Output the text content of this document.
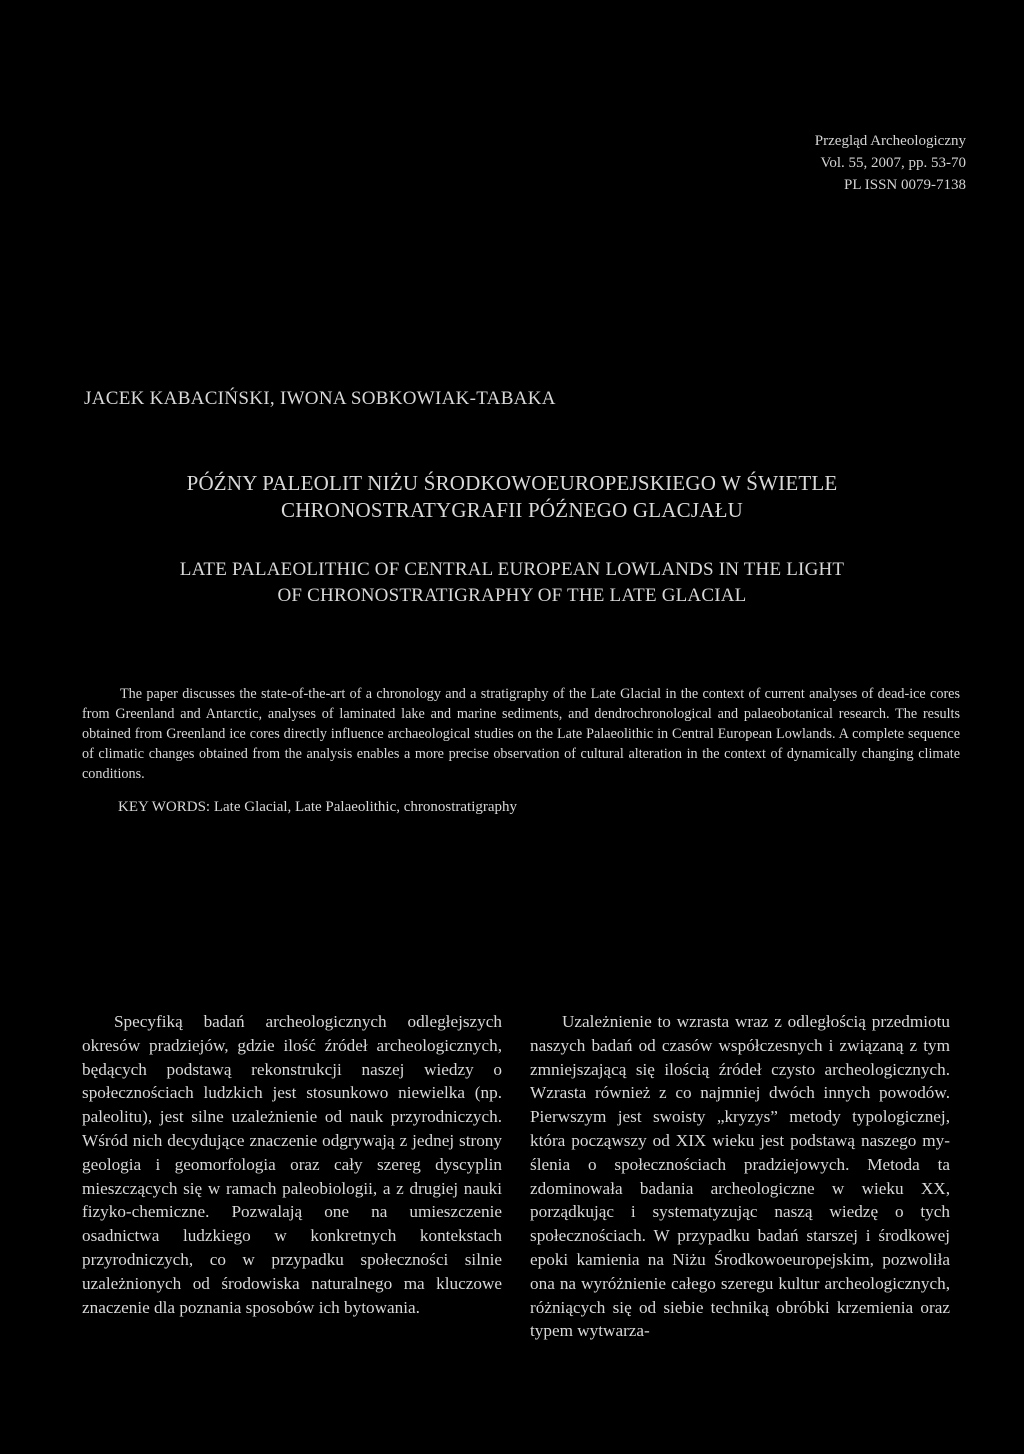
Przegląd Archeologiczny
Vol. 55, 2007, pp. 53-70
PL ISSN 0079-7138
JACEK KABACIŃSKI, IWONA SOBKOWIAK-TABAKA
PÓŹNY PALEOLIT NIŻU ŚRODKOWOEUROPEJSKIEGO W ŚWIETLE
CHRONOSTRATYGRAFII PÓŹNEGO GLACJAŁU
LATE PALAEOLITHIC OF CENTRAL EUROPEAN LOWLANDS IN THE LIGHT
OF CHRONOSTRATIGRAPHY OF THE LATE GLACIAL

The paper discusses the state-of-the-art of a chronology and a stratigraphy of the Late Glacial in the context of current analyses of dead-ice cores from Greenland and Antarctic, analyses of laminated lake and marine sediments, and dendrochronological and palaeobotanical research. The results obtained from Greenland ice cores directly influence archaeological studies on the Late Palaeolithic in Central European Lowlands. A complete sequence of climatic changes obtained from the analysis enables a more precise observation of cultural alteration in the context of dynamically changing climate conditions.

KEY WORDS: Late Glacial, Late Palaeolithic, chronostratigraphy

Specyfiką badań archeologicznych odległejszych okresów pradziejów, gdzie ilość źródeł archeologicznych, będących podstawą rekonstrukcji naszej wiedzy o społecznościach ludzkich jest stosunkowo niewielka (np. paleolitu), jest silne uzależnienie od nauk przyrodniczych. Wśród nich decydujące znaczenie odgrywają z jednej strony geologia i geomorfologia oraz cały szereg dyscyplin mieszczących się w ramach paleobiologii, a z drugiej nauki fizyko-chemiczne. Pozwalają one na umieszczenie osadnictwa ludzkiego w konkretnych kontekstach przyrodniczych, co w przypadku społeczności silnie uzależnionych od środowiska naturalnego ma kluczowe znaczenie dla poznania sposobów ich bytowania.

Uzależnienie to wzrasta wraz z odległością przedmiotu naszych badań od czasów współczesnych i związaną z tym zmniejszającą się ilością źródeł czysto archeologicznych. Wzrasta również z co najmniej dwóch innych powodów. Pierwszym jest swoisty „kryzys” metody typologicznej, która począwszy od XIX wieku jest podstawą naszego myślenia o społecznościach pradziejowych. Metoda ta zdominowała badania archeologiczne w wieku XX, porządkując i systematyzując naszą wiedzę o tych społecznościach. W przypadku badań starszej i środkowej epoki kamienia na Niżu Środkowoeuropejskim, pozwoliła ona na wyróżnienie całego szeregu kultur archeologicznych, różniących się od siebie techniką obróbki krzemienia oraz typem wytwarza-
